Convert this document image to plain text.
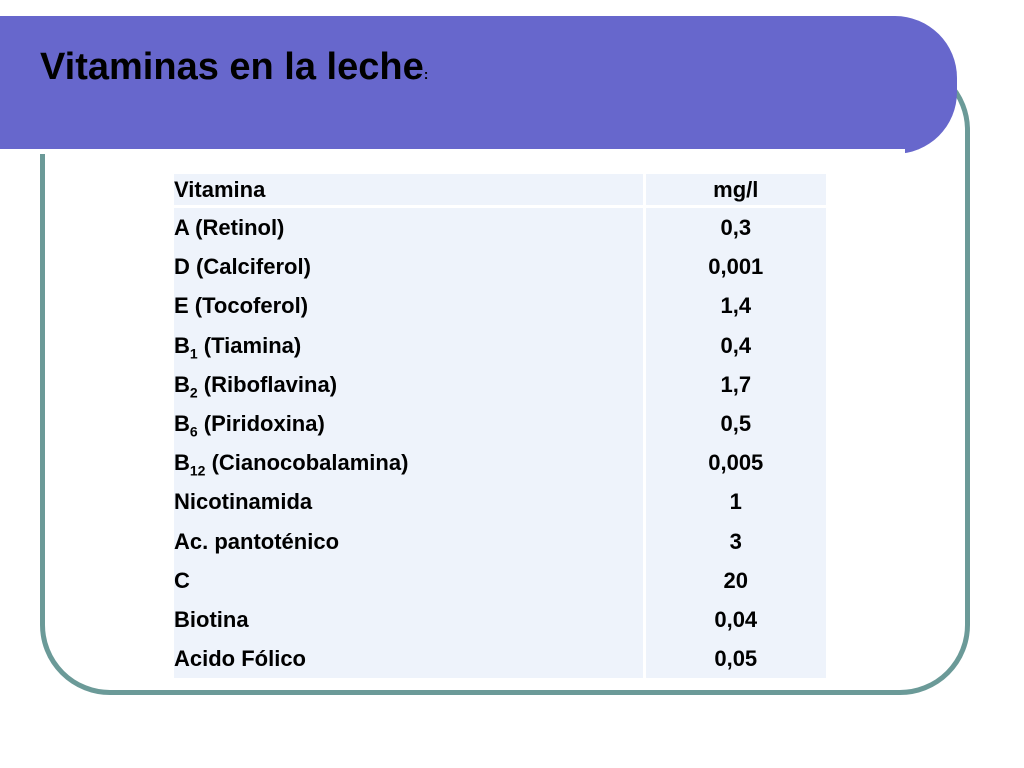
Vitaminas en la leche:
Vitamina	mg/l
A (Retinol)	0,3
D (Calciferol)	0,001
E (Tocoferol)	1,4
$B_1$ (Tiamina)	0,4
$B_2$ (Riboflavina)	1,7
$B_6$ (Piridoxina)	0,5
$B_{12}$ (Cianocobalamina)	0,005
Nicotinamida	1
Ac. pantoténico	3
C	20
Biotina	0,04
Acido Fólico	0,05
